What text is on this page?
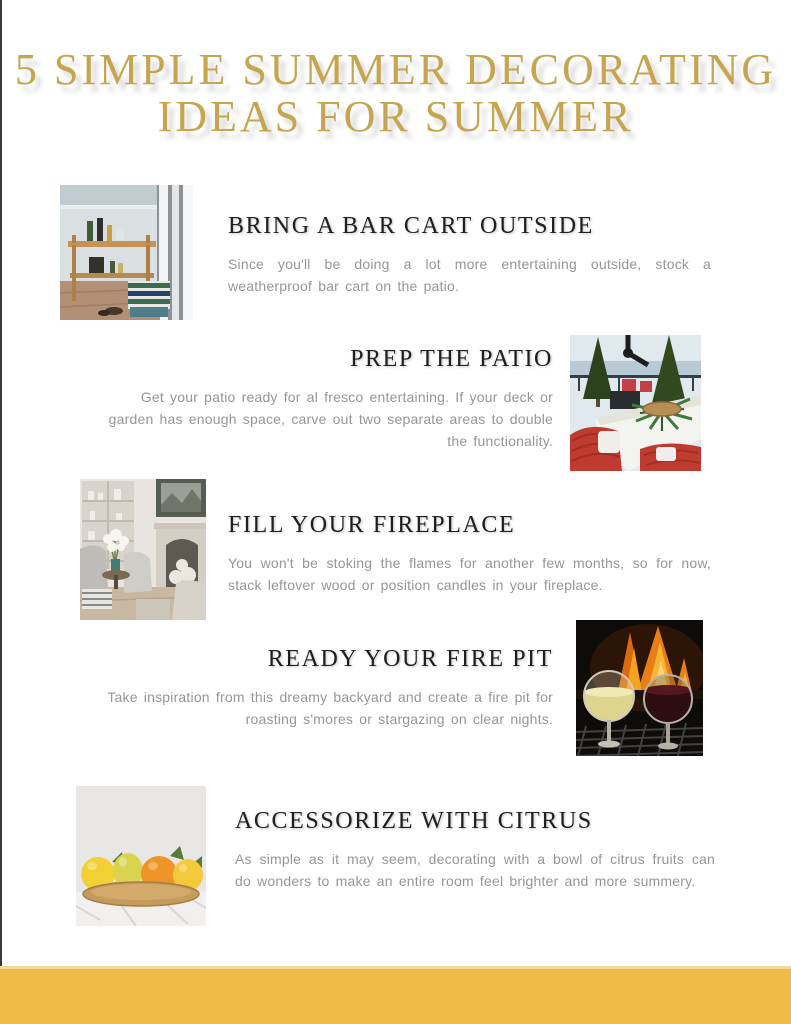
5 SIMPLE SUMMER DECORATING
IDEAS FOR SUMMER
BRING A BAR CART OUTSIDE

Since you'll be doing a lot more entertaining outside, stock a weatherproof bar cart on the patio.

PREP THE PATIO

Get your patio ready for al fresco entertaining. If your deck or garden has enough space, carve out two separate areas to double the functionality.

FILL YOUR FIREPLACE

You won't be stoking the flames for another few months, so for now, stack leftover wood or position candles in your fireplace.

READY YOUR FIRE PIT

Take inspiration from this dreamy backyard and create a fire pit for roasting s'mores or stargazing on clear nights.

ACCESSORIZE WITH CITRUS

As simple as it may seem, decorating with a bowl of citrus fruits can do wonders to make an entire room feel brighter and more summery.
